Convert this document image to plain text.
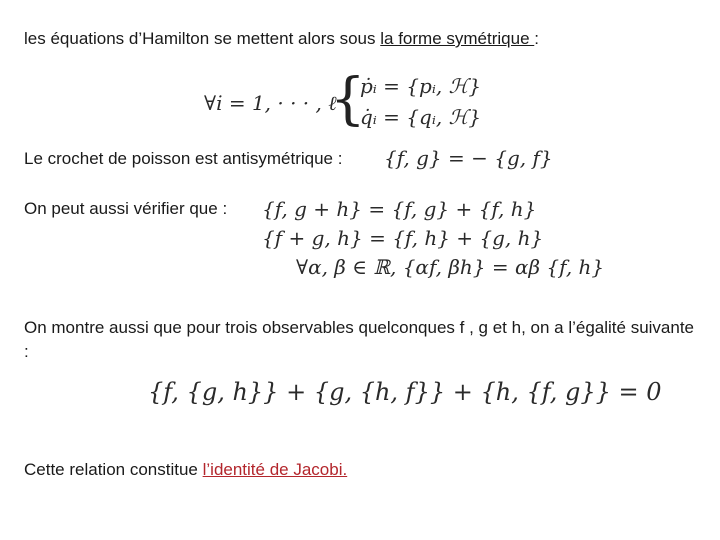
les équations d’Hamilton se mettent alors sous la forme symétrique :
∀i = 1, · · · , ℓ
{
ṗᵢ = {pᵢ, ℋ}
q̇ᵢ = {qᵢ, ℋ}
Le crochet de poisson est antisymétrique : {f, g} = − {g, f}
On peut aussi vérifier que : {f, g + h} = {f, g} + {f, h}
{f + g, h} = {f, h} + {g, h}
∀α, β ∈ ℝ, {αf, βh} = αβ {f, h}
On montre aussi que pour trois observables quelconques f , g et h, on a l’égalité suivante :
{f, {g, h}} + {g, {h, f}} + {h, {f, g}} = 0
Cette relation constitue l’identité de Jacobi.
